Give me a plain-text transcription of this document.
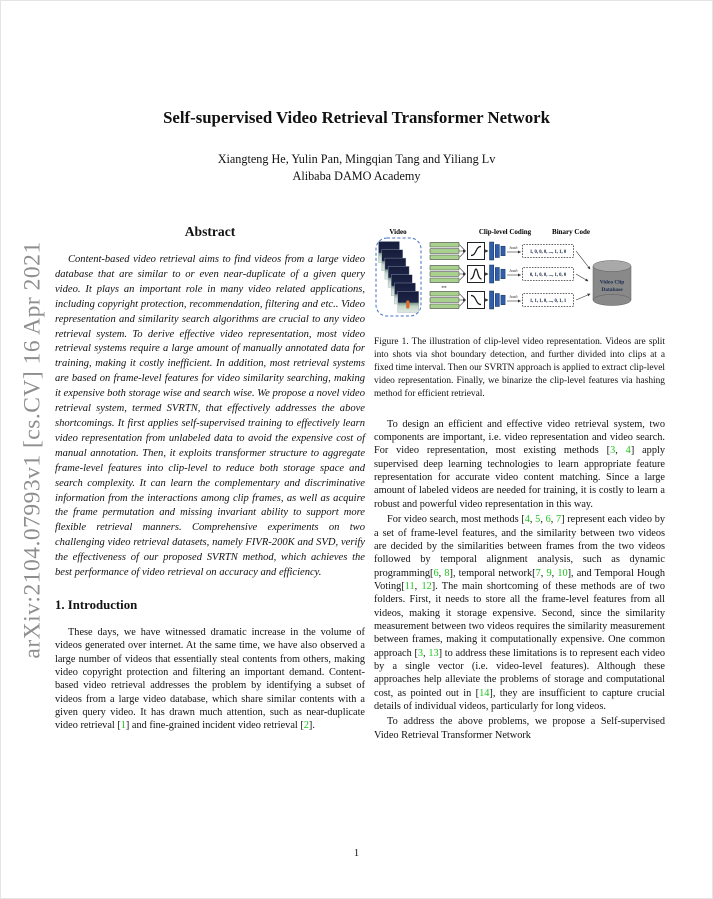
arXiv:2104.07993v1 [cs.CV] 16 Apr 2021
Self-supervised Video Retrieval Transformer Network
Xiangteng He, Yulin Pan, Mingqian Tang and Yiliang Lv
Alibaba DAMO Academy
Abstract

Content-based video retrieval aims to find videos from a large video database that are similar to or even near-duplicate of a given query video. It plays an important role in many video related applications, including copyright protection, recommendation, filtering and etc.. Video representation and similarity search algorithms are crucial to any video retrieval system. To derive effective video representation, most video retrieval systems require a large amount of manually annotated data for training, making it costly inefficient. In addition, most retrieval systems are based on frame-level features for video similarity searching, making it expensive both storage wise and search wise. We propose a novel video retrieval system, termed SVRTN, that effectively addresses the above shortcomings. It first applies self-supervised training to effectively learn video representation from unlabeled data to avoid the expensive cost of manual annotation. Then, it exploits transformer structure to aggregate frame-level features into clip-level to reduce both storage space and search complexity. It can learn the complementary and discriminative information from the interactions among clip frames, as well as acquire the frame permutation and missing invariant ability to support more flexible retrieval manners. Comprehensive experiments on two challenging video retrieval datasets, namely FIVR-200K and SVD, verify the effectiveness of our proposed SVRTN method, which achieves the best performance of video retrieval on accuracy and efficiency.

1. Introduction

These days, we have witnessed dramatic increase in the volume of videos generated over internet. At the same time, we have also observed a large number of videos that essentially steal contents from others, making video copyright protection and filtering an important demand. Content-based video retrieval addresses the problem by identifying a subset of videos from a large video database, which share similar contents with a given query video. It has drawn much attention, such as near-duplicate video retrieval [1] and fine-grained incident video retrieval [2].

Video	Clip-level Coding	Binary Code
hash
1, 0, 0, 0, ..., 1, 1, 0
hash
0, 1, 0, 0, ..., 1, 0, 0
...
hash
1, 1, 1, 0, ..., 0, 1, 1
Video Clip
Database

Figure 1. The illustration of clip-level video representation. Videos are split into shots via shot boundary detection, and further divided into clips at a fixed time interval. Then our SVRTN approach is applied to extract clip-level video representation. Finally, we binarize the clip-level features via hashing method for efficient retrieval.

To design an efficient and effective video retrieval system, two components are important, i.e. video representation and video search. For video representation, most existing methods [3, 4] apply supervised deep learning technologies to learn appropriate feature representation for accurate video content matching. Since a large amount of labeled videos are needed for training, it is costly to learn a robust and powerful video representation in this way.

For video search, most methods [4, 5, 6, 7] represent each video by a set of frame-level features, and the similarity between two videos are decided by the similarities between frames from the two videos followed by temporal alignment analysis, such as dynamic programming[6, 8], temporal network[7, 9, 10], and Temporal Hough Voting[11, 12]. The main shortcoming of these methods are of two folders. First, it needs to store all the frame-level features from all videos, making it storage expensive. Second, since the similarity measurement between two videos requires the similarity measurement between frames, making it computationally expensive. One common approach [3, 13] to address these limitations is to represent each video by a single vector (i.e. video-level features). Although these approaches help alleviate the problems of storage and computational cost, as pointed out in [14], they are insufficient to capture crucial details of individual videos, particularly for long videos.

To address the above problems, we propose a Self-supervised Video Retrieval Transformer Network

1
